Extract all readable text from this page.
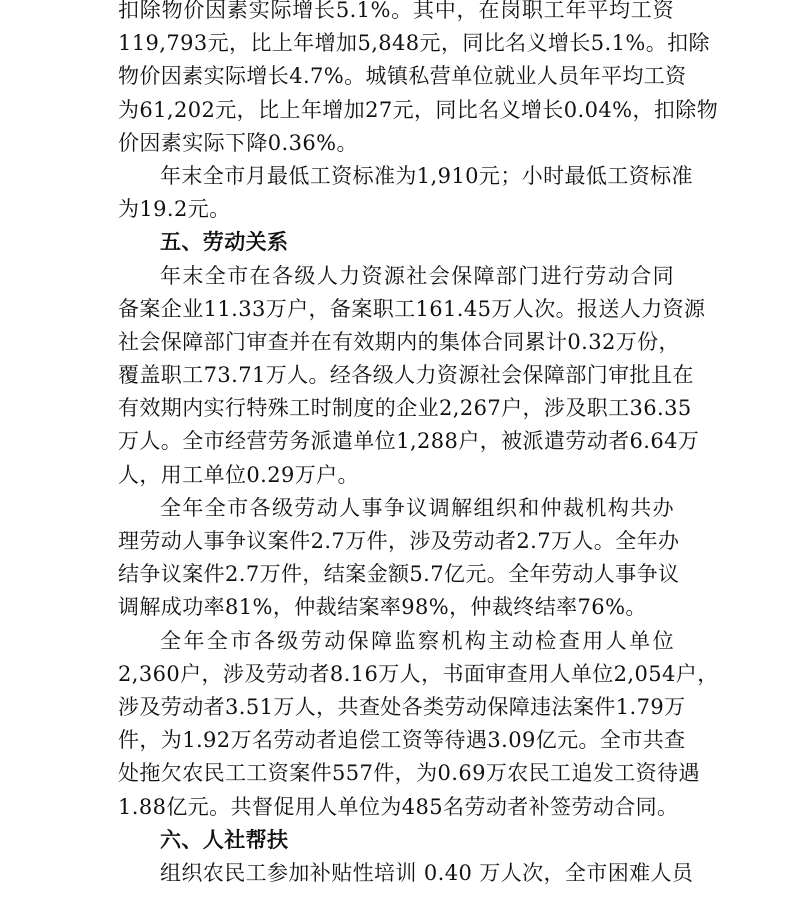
扣除物价因素实际增长5.1%。其中，在岗职工年平均工资
119,793元，比上年增加5,848元，同比名义增长5.1%。扣除
物价因素实际增长4.7%。城镇私营单位就业人员年平均工资
为61,202元，比上年增加27元，同比名义增长0.04%，扣除物
价因素实际下降0.36%。
年末全市月最低工资标准为1,910元；小时最低工资标准
为19.2元。
五、劳动关系
年末全市在各级人力资源社会保障部门进行劳动合同
备案企业11.33万户，备案职工161.45万人次。报送人力资源
社会保障部门审查并在有效期内的集体合同累计0.32万份，
覆盖职工73.71万人。经各级人力资源社会保障部门审批且在
有效期内实行特殊工时制度的企业2,267户，涉及职工36.35
万人。全市经营劳务派遣单位1,288户，被派遣劳动者6.64万
人，用工单位0.29万户。
全年全市各级劳动人事争议调解组织和仲裁机构共办
理劳动人事争议案件2.7万件，涉及劳动者2.7万人。全年办
结争议案件2.7万件，结案金额5.7亿元。全年劳动人事争议
调解成功率81%，仲裁结案率98%，仲裁终结率76%。
全年全市各级劳动保障监察机构主动检查用人单位
2,360户，涉及劳动者8.16万人，书面审查用人单位2,054户，
涉及劳动者3.51万人，共查处各类劳动保障违法案件1.79万
件，为1.92万名劳动者追偿工资等待遇3.09亿元。全市共查
处拖欠农民工工资案件557件，为0.69万农民工追发工资待遇
1.88亿元。共督促用人单位为485名劳动者补签劳动合同。
六、人社帮扶
组织农民工参加补贴性培训 0.40 万人次，全市困难人员
